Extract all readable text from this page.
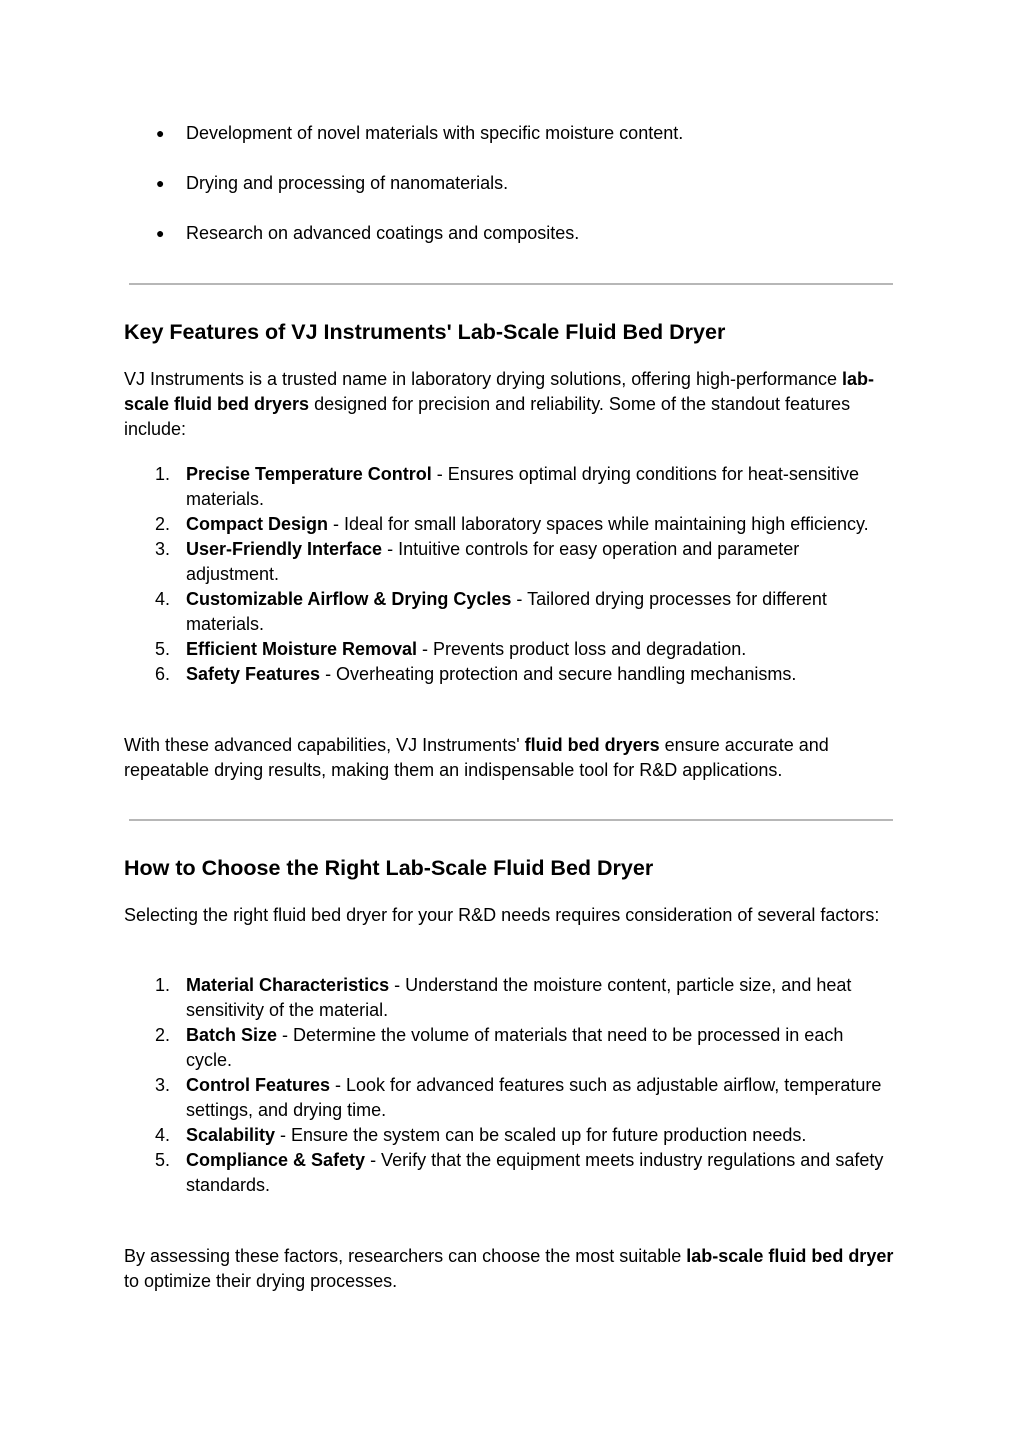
● Development of novel materials with specific moisture content.
● Drying and processing of nanomaterials.
● Research on advanced coatings and composites.
Key Features of VJ Instruments' Lab-Scale Fluid Bed Dryer

VJ Instruments is a trusted name in laboratory drying solutions, offering high-performance lab-scale fluid bed dryers designed for precision and reliability. Some of the standout features include:

1. Precise Temperature Control - Ensures optimal drying conditions for heat-sensitive materials.
2. Compact Design - Ideal for small laboratory spaces while maintaining high efficiency.
3. User-Friendly Interface - Intuitive controls for easy operation and parameter adjustment.
4. Customizable Airflow & Drying Cycles - Tailored drying processes for different materials.
5. Efficient Moisture Removal - Prevents product loss and degradation.
6. Safety Features - Overheating protection and secure handling mechanisms.

With these advanced capabilities, VJ Instruments' fluid bed dryers ensure accurate and repeatable drying results, making them an indispensable tool for R&D applications.

How to Choose the Right Lab-Scale Fluid Bed Dryer

Selecting the right fluid bed dryer for your R&D needs requires consideration of several factors:

1. Material Characteristics - Understand the moisture content, particle size, and heat sensitivity of the material.
2. Batch Size - Determine the volume of materials that need to be processed in each cycle.
3. Control Features - Look for advanced features such as adjustable airflow, temperature settings, and drying time.
4. Scalability - Ensure the system can be scaled up for future production needs.
5. Compliance & Safety - Verify that the equipment meets industry regulations and safety standards.

By assessing these factors, researchers can choose the most suitable lab-scale fluid bed dryer to optimize their drying processes.
